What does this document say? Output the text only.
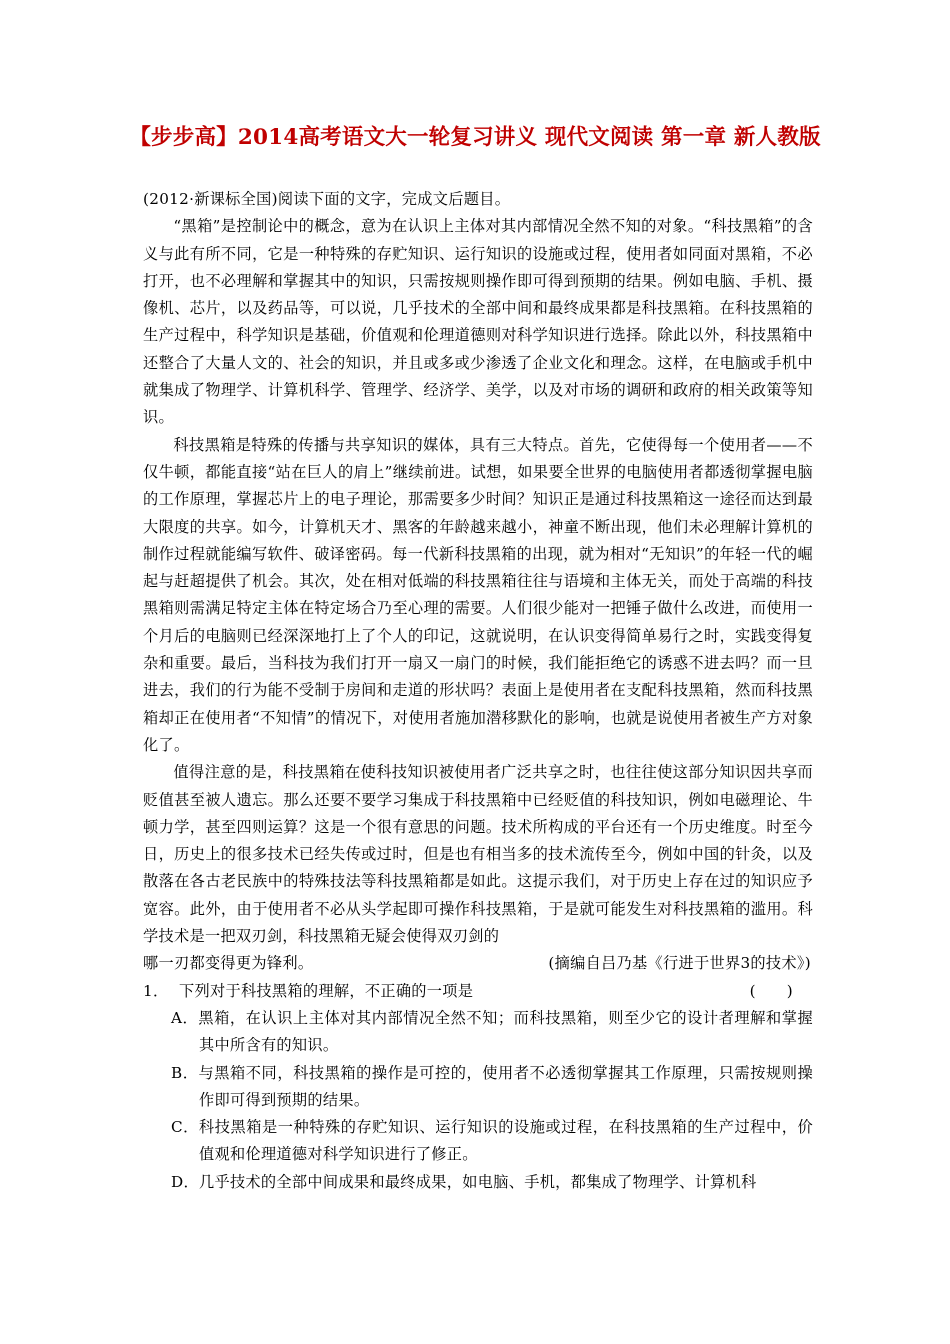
【步步高】2014高考语文大一轮复习讲义 现代文阅读 第一章 新人教版

(2012·新课标全国)阅读下面的文字，完成文后题目。

“黑箱”是控制论中的概念，意为在认识上主体对其内部情况全然不知的对象。“科技黑箱”的含义与此有所不同，它是一种特殊的存贮知识、运行知识的设施或过程，使用者如同面对黑箱，不必打开，也不必理解和掌握其中的知识，只需按规则操作即可得到预期的结果。例如电脑、手机、摄像机、芯片，以及药品等，可以说，几乎技术的全部中间和最终成果都是科技黑箱。在科技黑箱的生产过程中，科学知识是基础，价值观和伦理道德则对科学知识进行选择。除此以外，科技黑箱中还整合了大量人文的、社会的知识，并且或多或少渗透了企业文化和理念。这样，在电脑或手机中就集成了物理学、计算机科学、管理学、经济学、美学，以及对市场的调研和政府的相关政策等知识。

科技黑箱是特殊的传播与共享知识的媒体，具有三大特点。首先，它使得每一个使用者——不仅牛顿，都能直接“站在巨人的肩上”继续前进。试想，如果要全世界的电脑使用者都透彻掌握电脑的工作原理，掌握芯片上的电子理论，那需要多少时间？知识正是通过科技黑箱这一途径而达到最大限度的共享。如今，计算机天才、黑客的年龄越来越小，神童不断出现，他们未必理解计算机的制作过程就能编写软件、破译密码。每一代新科技黑箱的出现，就为相对“无知识”的年轻一代的崛起与赶超提供了机会。其次，处在相对低端的科技黑箱往往与语境和主体无关，而处于高端的科技黑箱则需满足特定主体在特定场合乃至心理的需要。人们很少能对一把锤子做什么改进，而使用一个月后的电脑则已经深深地打上了个人的印记，这就说明，在认识变得简单易行之时，实践变得复杂和重要。最后，当科技为我们打开一扇又一扇门的时候，我们能拒绝它的诱惑不进去吗？而一旦进去，我们的行为能不受制于房间和走道的形状吗？表面上是使用者在支配科技黑箱，然而科技黑箱却正在使用者“不知情”的情况下，对使用者施加潜移默化的影响，也就是说使用者被生产方对象化了。

值得注意的是，科技黑箱在使科技知识被使用者广泛共享之时，也往往使这部分知识因共享而贬值甚至被人遗忘。那么还要不要学习集成于科技黑箱中已经贬值的科技知识，例如电磁理论、牛顿力学，甚至四则运算？这是一个很有意思的问题。技术所构成的平台还有一个历史维度。时至今日，历史上的很多技术已经失传或过时，但是也有相当多的技术流传至今，例如中国的针灸，以及散落在各古老民族中的特殊技法等科技黑箱都是如此。这提示我们，对于历史上存在过的知识应予宽容。此外，由于使用者不必从头学起即可操作科技黑箱，于是就可能发生对科技黑箱的滥用。科学技术是一把双刃剑，科技黑箱无疑会使得双刃剑的
哪一刃都变得更为锋利。	(摘编自吕乃基《行进于世界3的技术》)

1． 下列对于科技黑箱的理解，不正确的一项是	(　　)

A．黑箱，在认识上主体对其内部情况全然不知；而科技黑箱，则至少它的设计者理解和掌握其中所含有的知识。

B．与黑箱不同，科技黑箱的操作是可控的，使用者不必透彻掌握其工作原理，只需按规则操作即可得到预期的结果。

C．科技黑箱是一种特殊的存贮知识、运行知识的设施或过程，在科技黑箱的生产过程中，价值观和伦理道德对科学知识进行了修正。

D．几乎技术的全部中间成果和最终成果，如电脑、手机，都集成了物理学、计算机科
